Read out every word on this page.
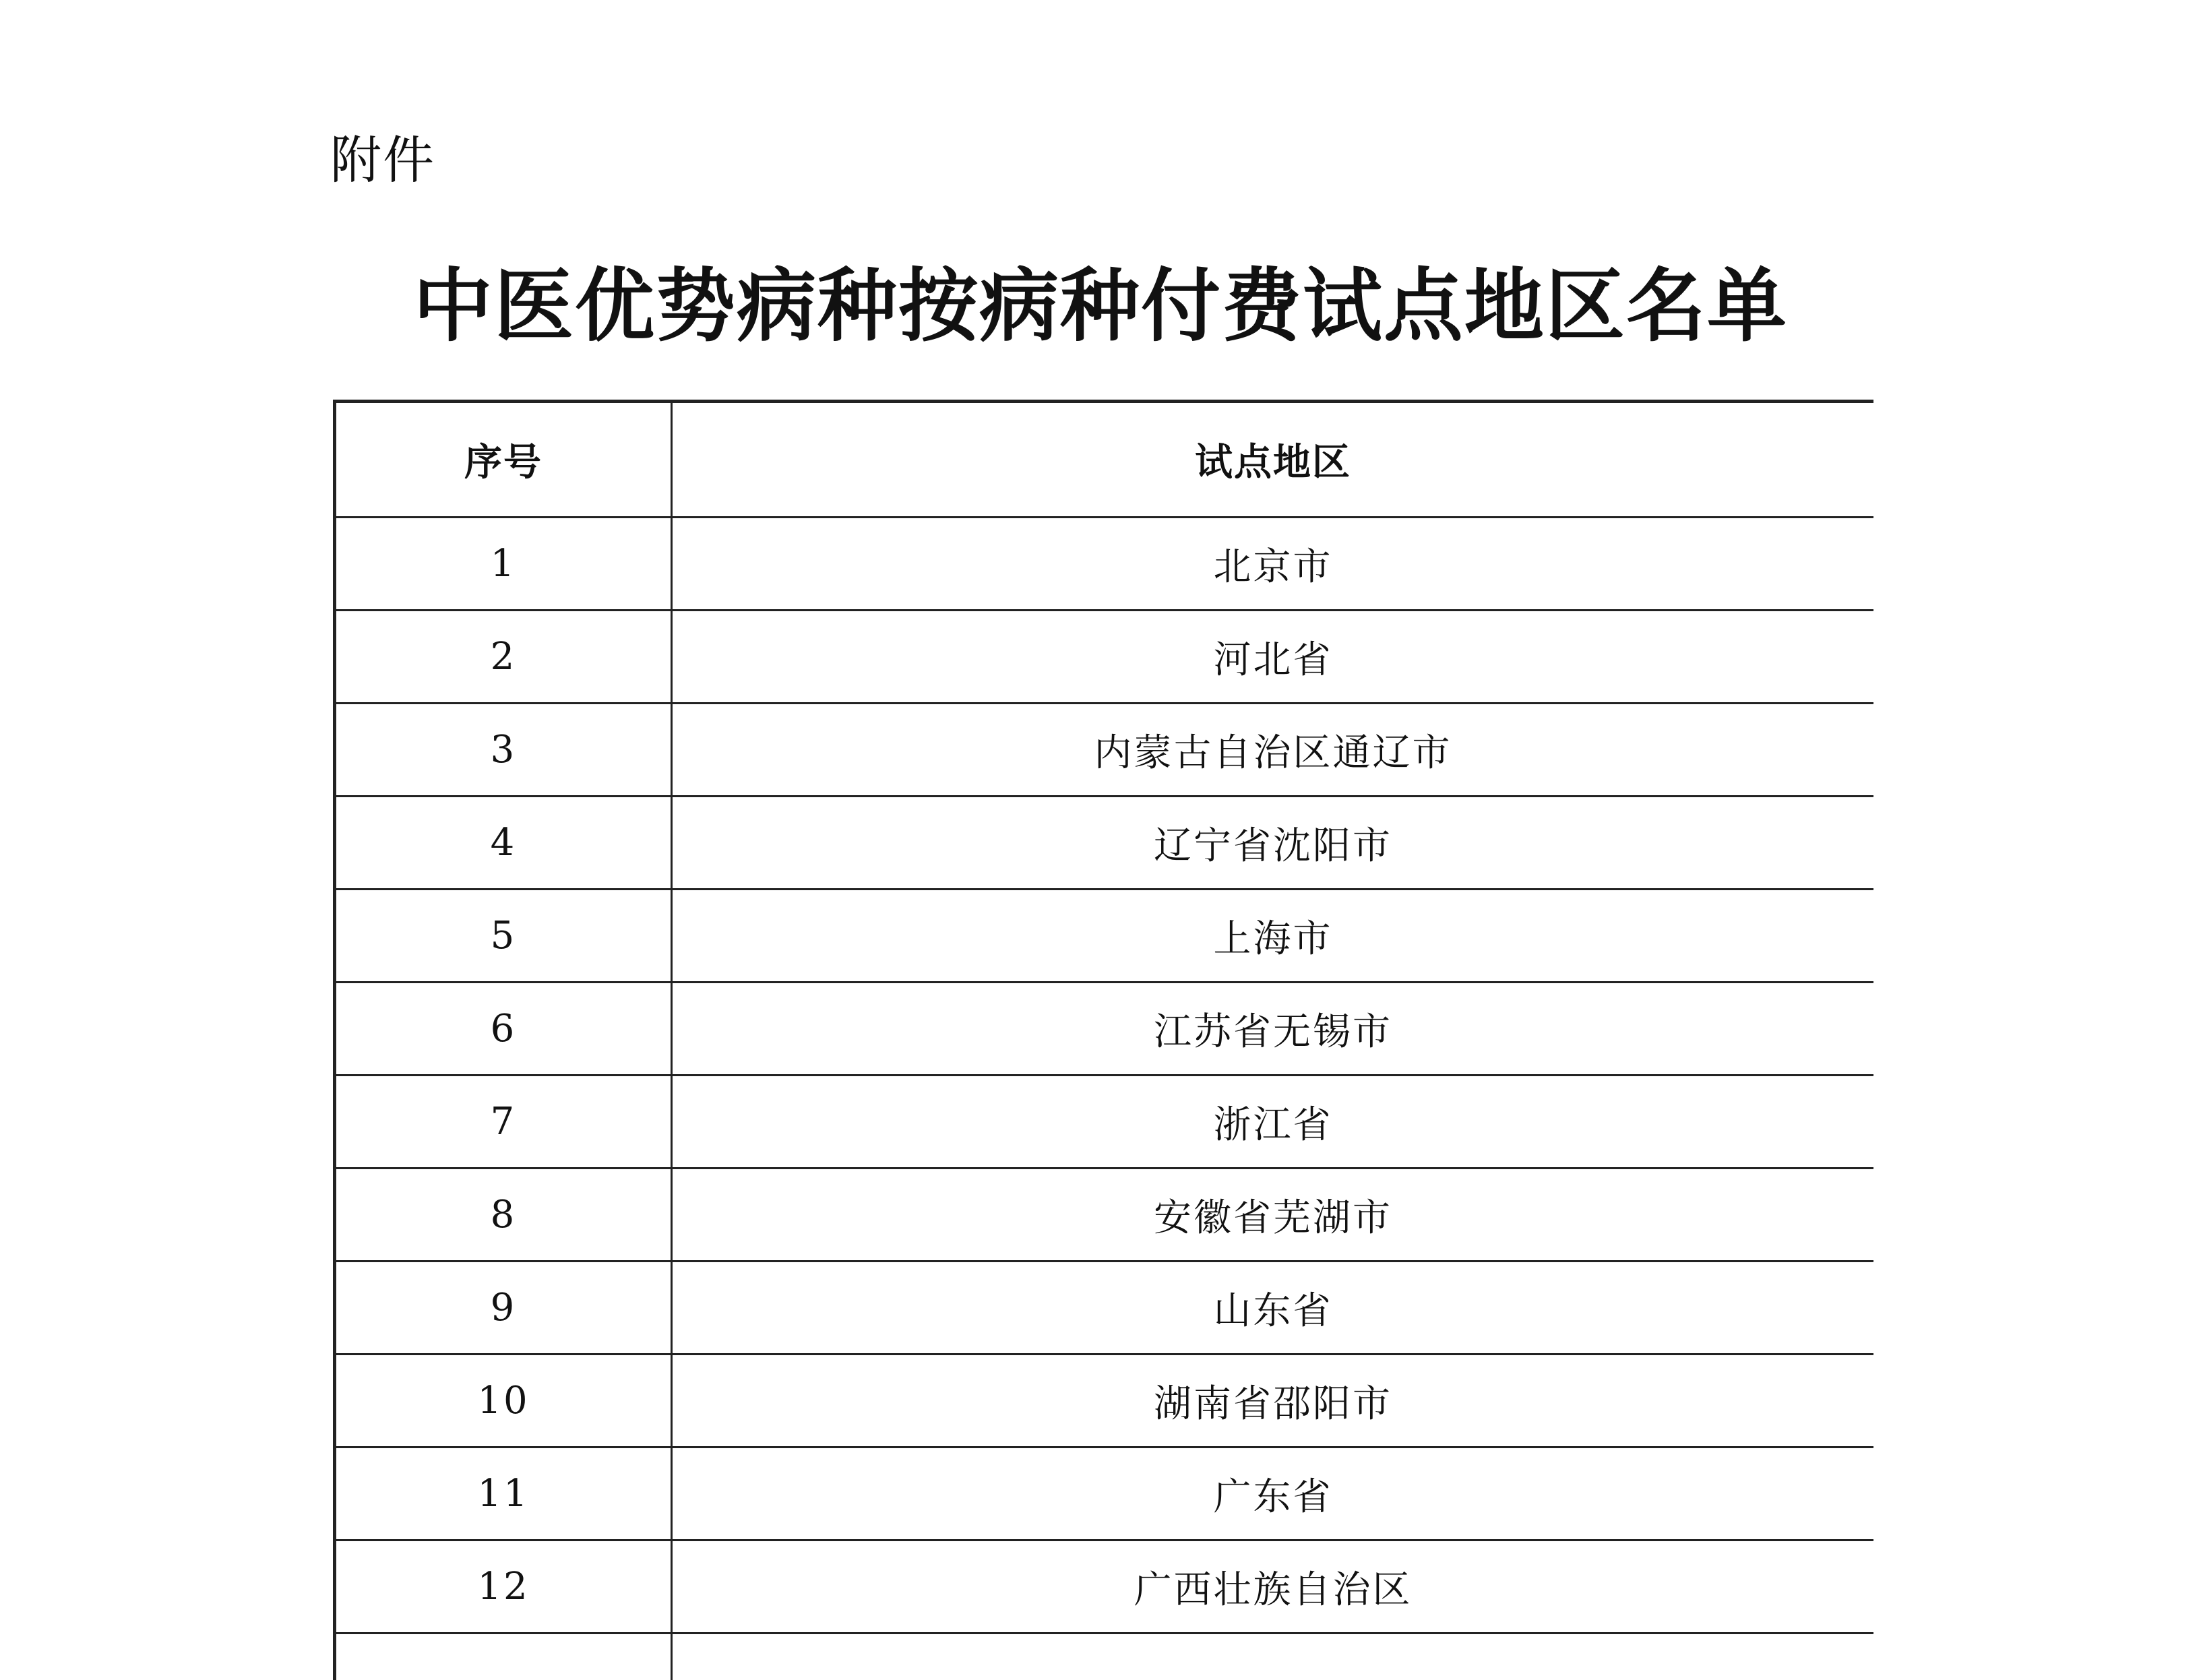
附件
中医优势病种按病种付费试点地区名单
序号	试点地区
1	北京市
2	河北省
3	内蒙古自治区通辽市
4	辽宁省沈阳市
5	上海市
6	江苏省无锡市
7	浙江省
8	安徽省芜湖市
9	山东省
10	湖南省邵阳市
11	广东省
12	广西壮族自治区
